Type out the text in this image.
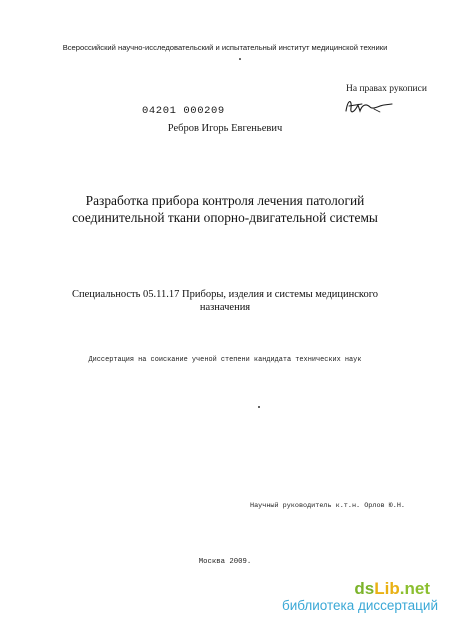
Всероссийский научно-исследовательский и испытательный институт медицинской техники
На правах рукописи
04201 000209
Ребров Игорь Евгеньевич
Разработка прибора контроля лечения патологий
соединительной ткани опорно-двигательной системы
Специальность 05.11.17 Приборы, изделия и системы медицинского
назначения
Диссертация на соискание ученой степени кандидата технических наук
Научный руководитель к.т.н. Орлов Ю.Н.
Москва 2009.
dsLib.net
библиотека диссертаций
